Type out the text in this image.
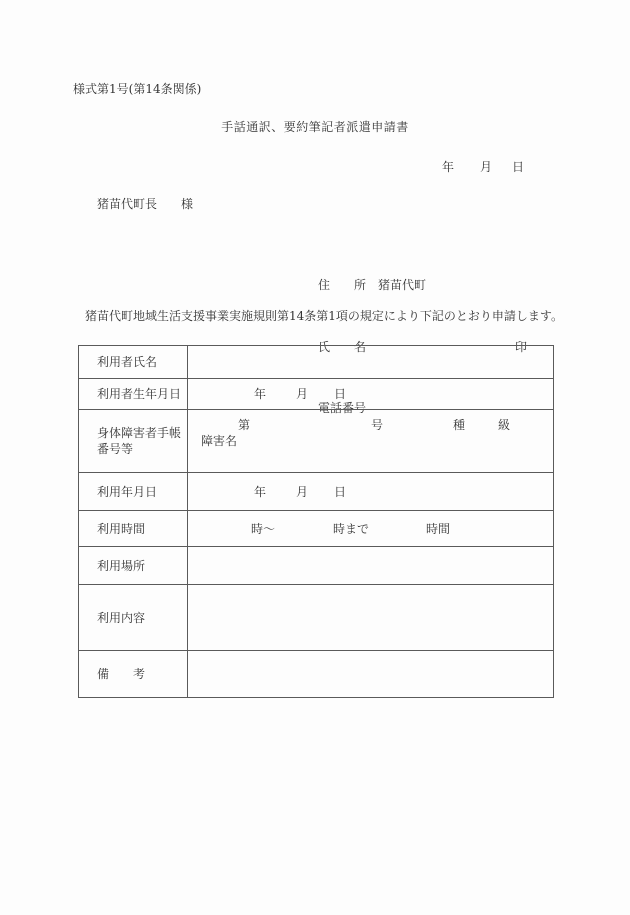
様式第1号(第14条関係)
手話通訳、要約筆記者派遣申請書
年 月 日
猪苗代町長　　様

住　　所　猪苗代町

氏　　名	印

電話番号

猪苗代町地域生活支援事業実施規則第14条第1項の規定により下記のとおり申請します。
利用者氏名	
利用者生年月日	年 月 日
身体障害者手帳
番号等	
第	号	種	級
障害名

利用年月日	年 月 日
利用時間	時〜 時まで 時間
利用場所	
利用内容	
備　　考	
